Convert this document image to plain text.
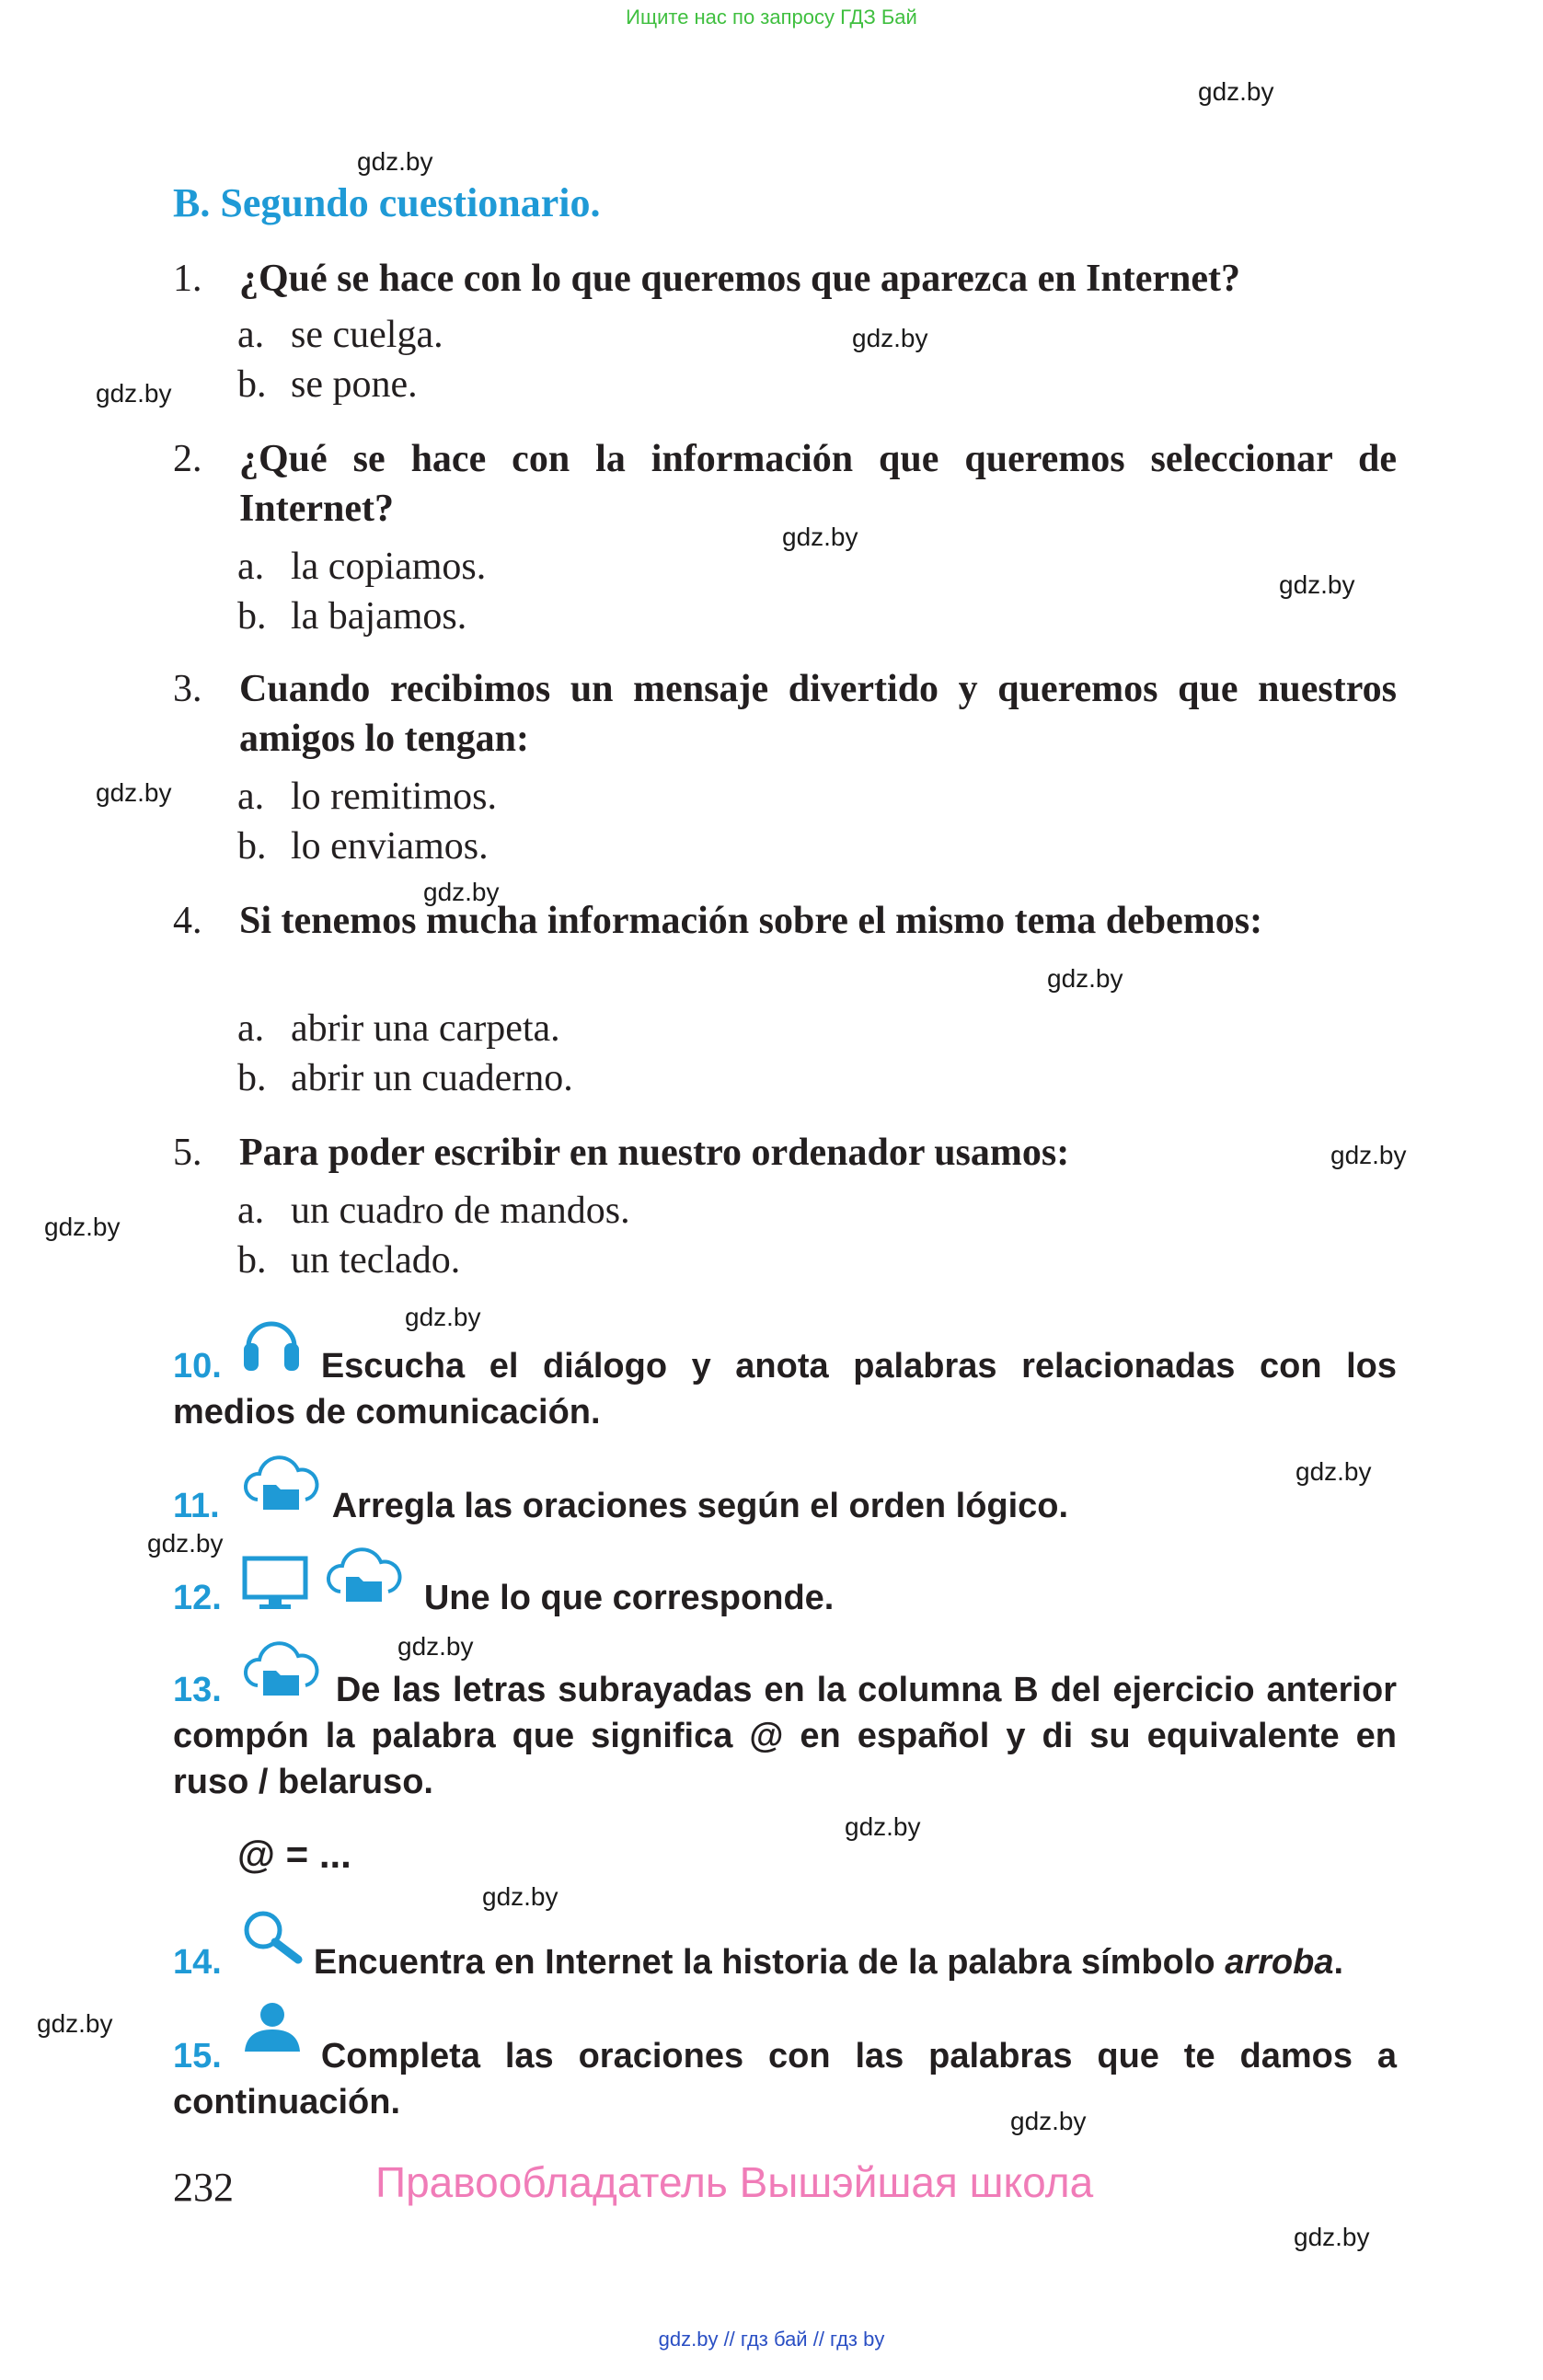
Ищите нас по запросу ГДЗ Бай
gdz.by
gdz.by
gdz.by
gdz.by
gdz.by
gdz.by
gdz.by
gdz.by
gdz.by
gdz.by
gdz.by
gdz.by
gdz.by
gdz.by
gdz.by
gdz.by
gdz.by
gdz.by
gdz.by
gdz.by
B. Segundo cuestionario.
1. ¿Qué se hace con lo que queremos que aparezca en Internet?
a. se cuelga.
b. se pone.
2. ¿Qué se hace con la información que queremos seleccionar de Internet?
a. la copiamos.
b. la bajamos.
3. Cuando recibimos un mensaje divertido y queremos que nuestros amigos lo tengan:
a. lo remitimos.
b. lo enviamos.
4. Si tenemos mucha información sobre el mismo tema debemos:
a. abrir una carpeta.
b. abrir un cuaderno.
5. Para poder escribir en nuestro ordenador usamos:
a. un cuadro de mandos.
b. un teclado.
10.	Escucha el diálogo y anota palabras relacionadas con los medios de comunicación.
11.	Arregla las oraciones según el orden lógico.
12.	Une lo que corresponde.
13.	De las letras subrayadas en la columna B del ejercicio anterior compón la palabra que significa @ en español y di su equivalente en ruso / belaruso.
@ = ...
14.	Encuentra en Internet la historia de la palabra símbolo arroba.
15.	Completa las oraciones con las palabras que te damos a continuación.
232	Правообладатель Вышэйшая школа
gdz.by // гдз бай // гдз by
